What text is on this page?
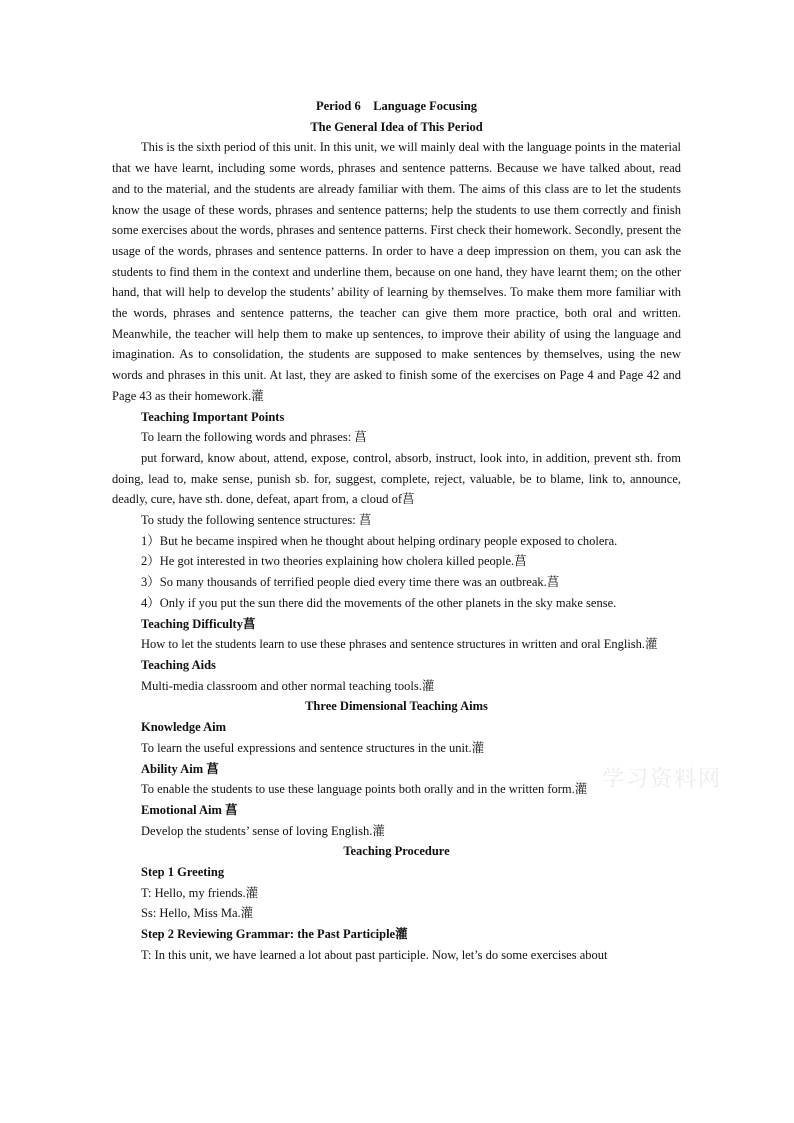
Period 6    Language Focusing

The General Idea of This Period

This is the sixth period of this unit. In this unit, we will mainly deal with the language points in the material that we have learnt, including some words, phrases and sentence patterns. Because we have talked about, read and to the material, and the students are already familiar with them. The aims of this class are to let the students know the usage of these words, phrases and sentence patterns; help the students to use them correctly and finish some exercises about the words, phrases and sentence patterns. First check their homework. Secondly, present the usage of the words, phrases and sentence patterns. In order to have a deep impression on them, you can ask the students to find them in the context and underline them, because on one hand, they have learnt them; on the other hand, that will help to develop the students’ ability of learning by themselves. To make them more familiar with the words, phrases and sentence patterns, the teacher can give them more practice, both oral and written. Meanwhile, the teacher will help them to make up sentences, to improve their ability of using the language and imagination. As to consolidation, the students are supposed to make sentences by themselves, using the new words and phrases in this unit. At last, they are asked to finish some of the exercises on Page 4 and Page 42 and Page 43 as their homework.灌

Teaching Important Points

To learn the following words and phrases: 菖

put forward, know about, attend, expose, control, absorb, instruct, look into, in addition, prevent sth. from doing, lead to, make sense, punish sb. for, suggest, complete, reject, valuable, be to blame, link to, announce, deadly, cure, have sth. done, defeat, apart from, a cloud of菖

To study the following sentence structures: 菖

1）But he became inspired when he thought about helping ordinary people exposed to cholera.

2）He got interested in two theories explaining how cholera killed people.菖

3）So many thousands of terrified people died every time there was an outbreak.菖

4）Only if you put the sun there did the movements of the other planets in the sky make sense.

Teaching Difficulty菖

How to let the students learn to use these phrases and sentence structures in written and oral English.灌

Teaching Aids

Multi-media classroom and other normal teaching tools.灌

Three Dimensional Teaching Aims

Knowledge Aim

To learn the useful expressions and sentence structures in the unit.灌

Ability Aim 菖

To enable the students to use these language points both orally and in the written form.灌

Emotional Aim 菖

Develop the students’ sense of loving English.灌

Teaching Procedure

Step 1 Greeting

T: Hello, my friends.灌

Ss: Hello, Miss Ma.灌

Step 2 Reviewing Grammar: the Past Participle灌

T: In this unit, we have learned a lot about past participle. Now, let’s do some exercises about

学习资料网
